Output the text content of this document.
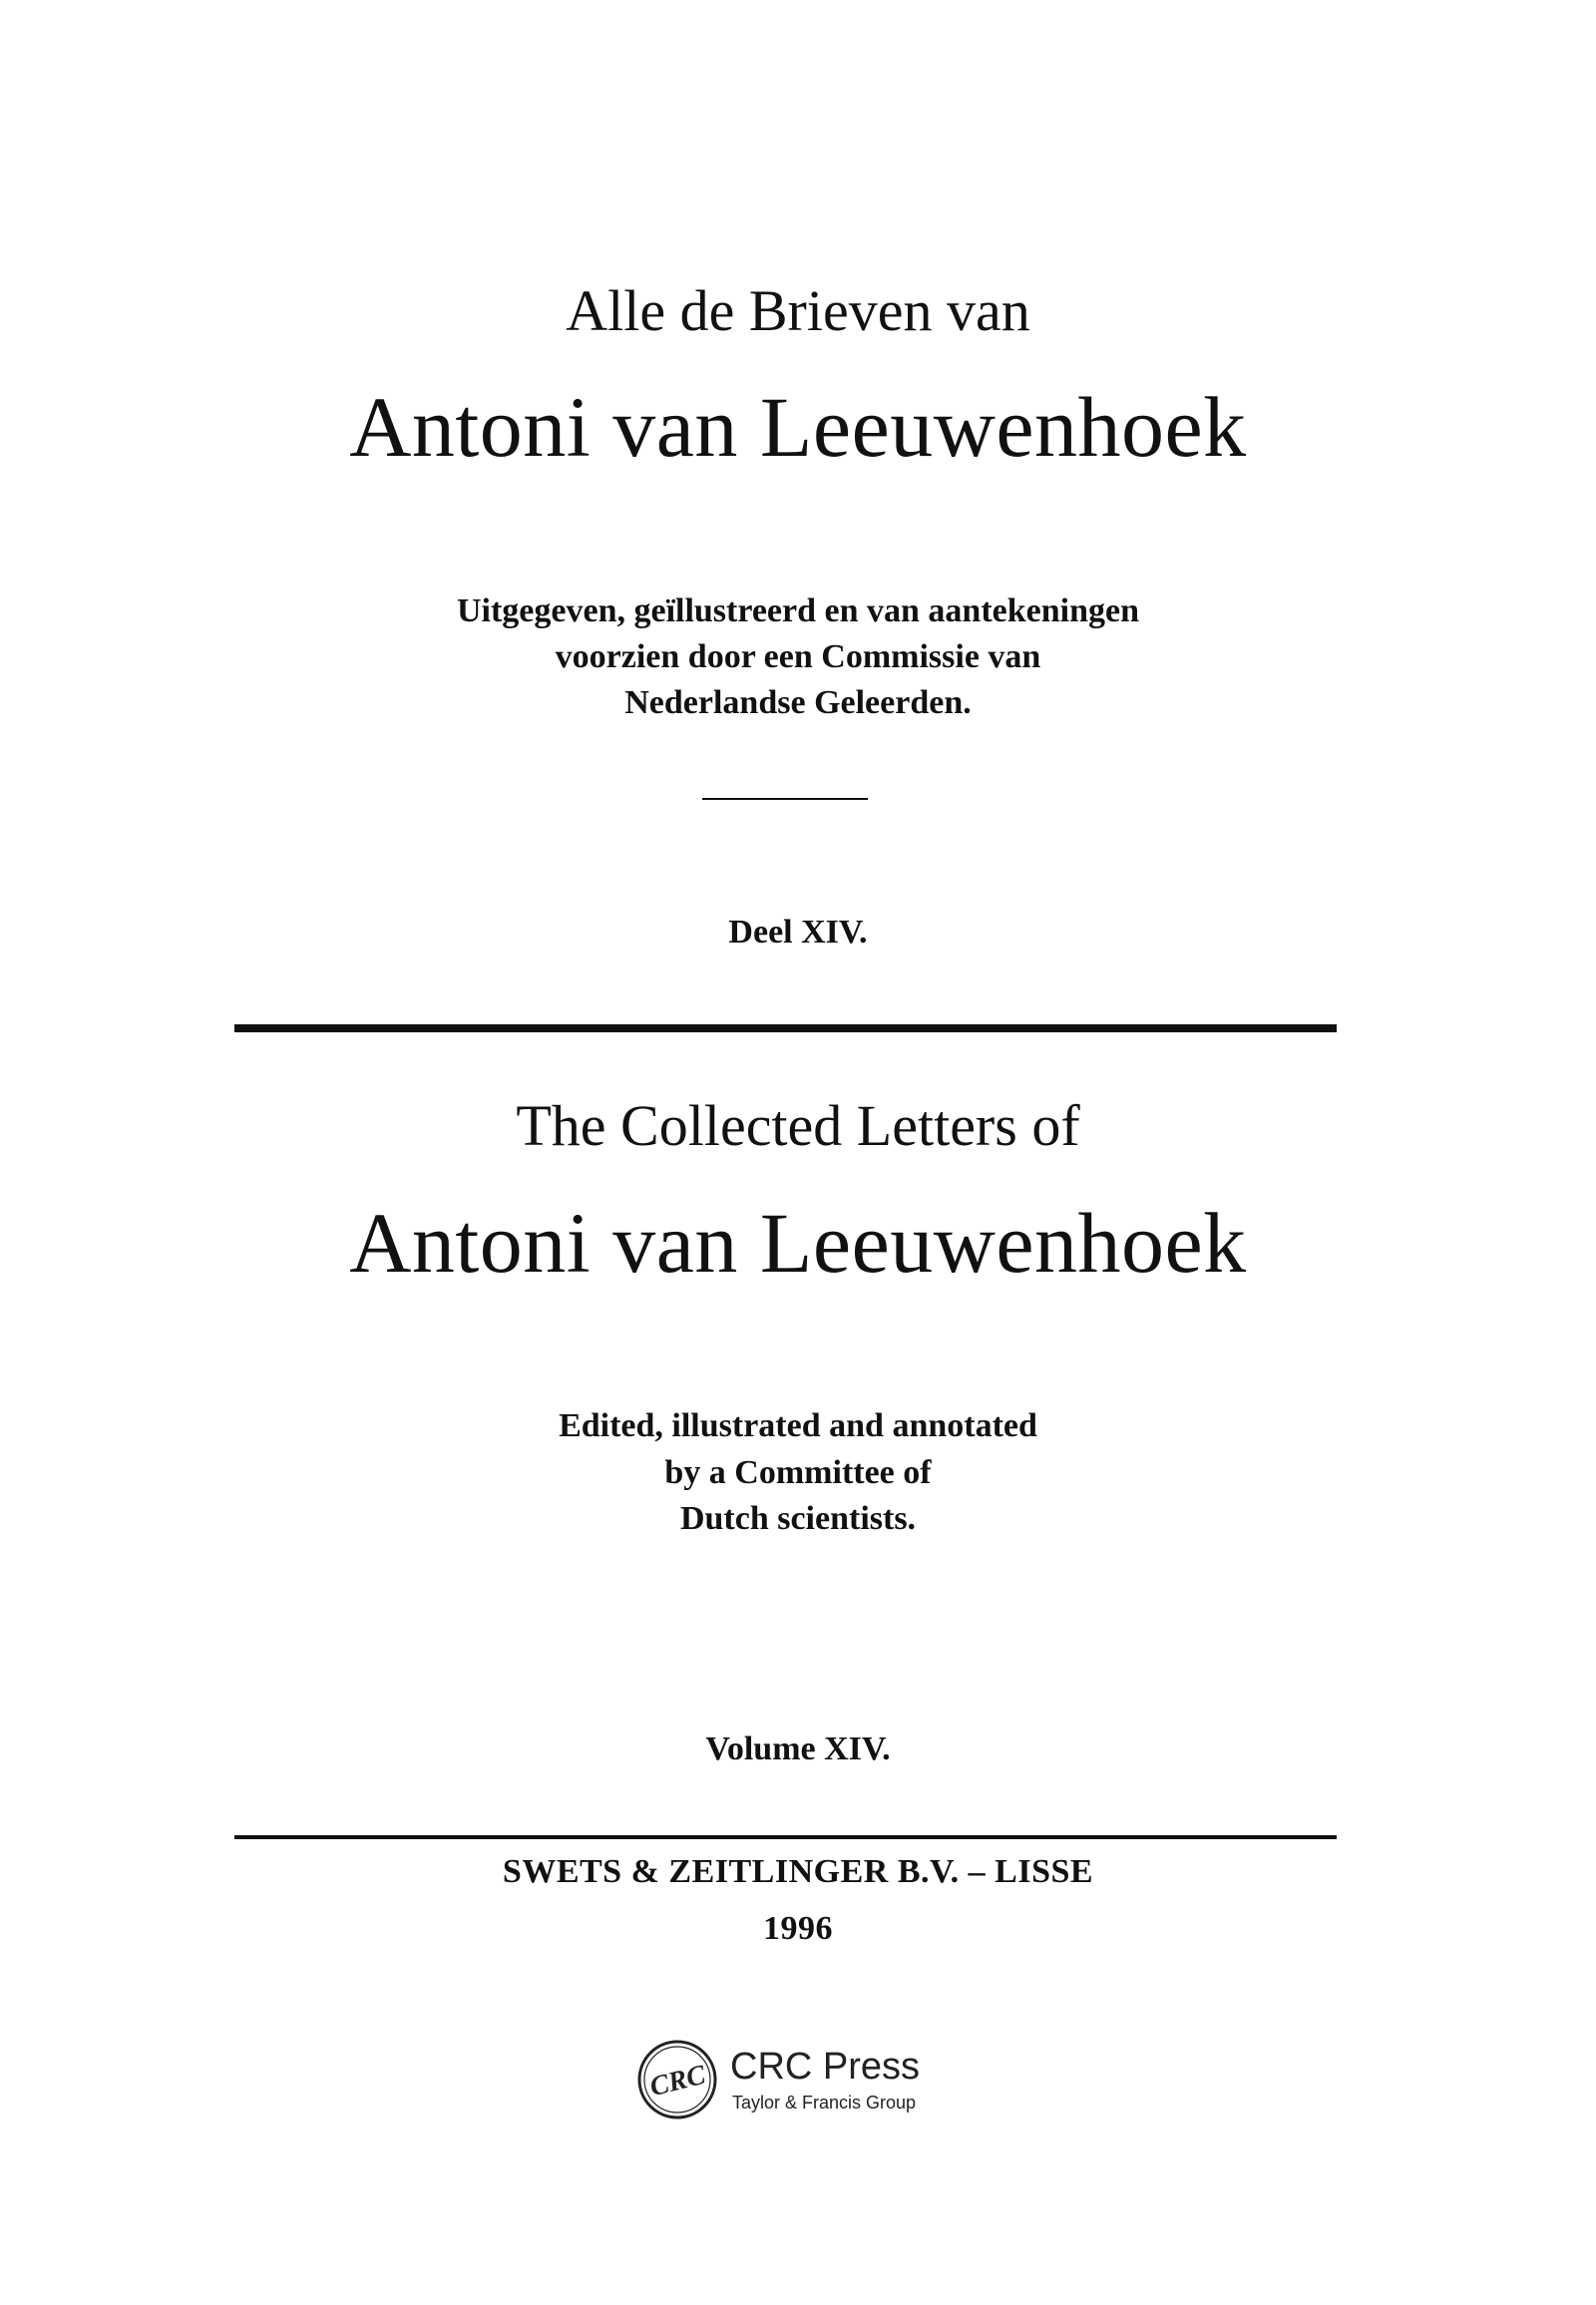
Alle de Brieven van
Antoni van Leeuwenhoek
Uitgegeven, geïllustreerd en van aantekeningen
voorzien door een Commissie van
Nederlandse Geleerden.
Deel XIV.
The Collected Letters of
Antoni van Leeuwenhoek
Edited, illustrated and annotated
by a Committee of
Dutch scientists.
Volume XIV.
SWETS & ZEITLINGER B.V. – LISSE
1996
CRC CRC Press
Taylor & Francis Group
